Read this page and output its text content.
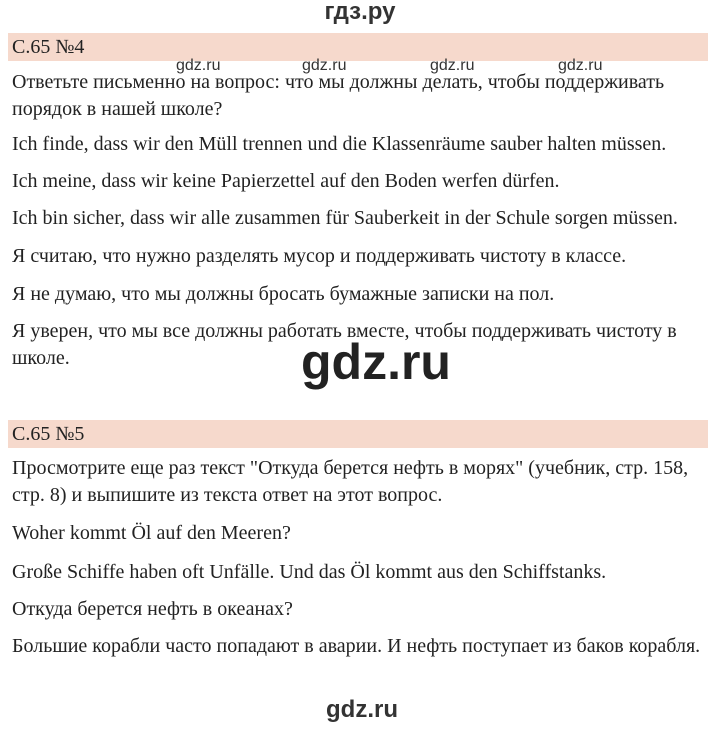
гдз.ру
С.65 №4
gdz.ru	gdz.ru	gdz.ru	gdz.ru
Ответьте письменно на вопрос: что мы должны делать, чтобы поддерживать порядок в нашей школе?
Ich finde, dass wir den Müll trennen und die Klassenräume sauber halten müssen.
Ich meine, dass wir keine Papierzettel auf den Boden werfen dürfen.
Ich bin sicher, dass wir alle zusammen für Sauberkeit in der Schule sorgen müssen.
Я считаю, что нужно разделять мусор и поддерживать чистоту в классе.
Я не думаю, что мы должны бросать бумажные записки на пол.
Я уверен, что мы все должны работать вместе, чтобы поддерживать чистоту в школе.	gdz.ru
С.65 №5
Просмотрите еще раз текст "Откуда берется нефть в морях" (учебник, стр. 158, стр. 8) и выпишите из текста ответ на этот вопрос.
Woher kommt Öl auf den Meeren?
Große Schiffe haben oft Unfälle. Und das Öl kommt aus den Schiffstanks.
Откуда берется нефть в океанах?
Большие корабли часто попадают в аварии. И нефть поступает из баков корабля.
gdz.ru
